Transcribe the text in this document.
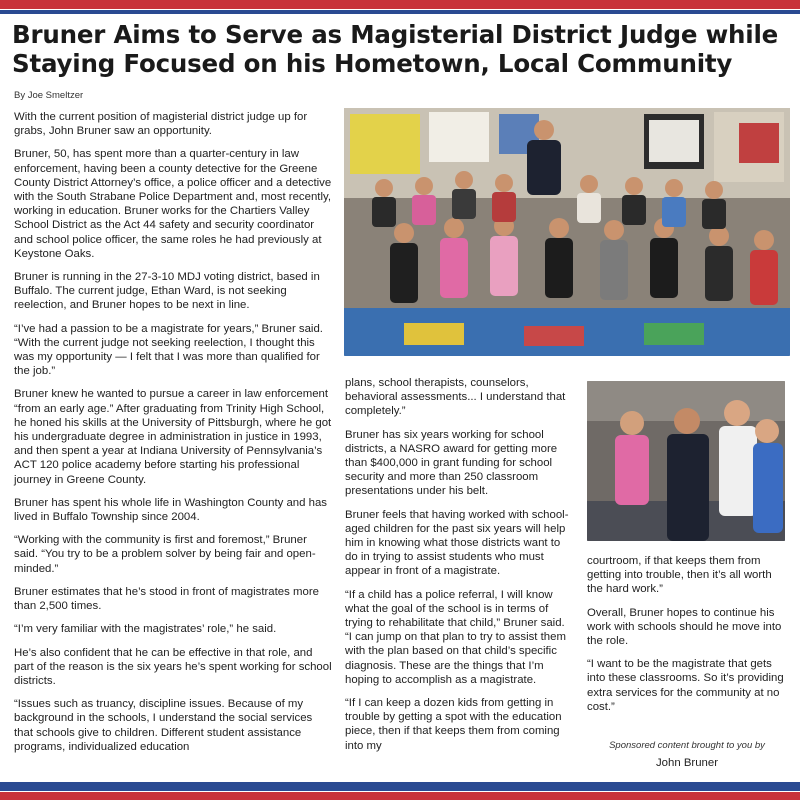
Bruner Aims to Serve as Magisterial District Judge while
Staying Focused on his Hometown, Local Community
By Joe Smeltzer

With the current position of magisterial district judge up for grabs, John Bruner saw an opportunity.

Bruner, 50, has spent more than a quarter-century in law enforcement, having been a county detective for the Greene County District Attorney’s office, a police officer and a detective with the South Strabane Police Department and, most recently, working in education. Bruner works for the Chartiers Valley School District as the Act 44 safety and security coordinator and school police officer, the same roles he had previously at Keystone Oaks.

Bruner is running in the 27-3-10 MDJ voting district, based in Buffalo. The current judge, Ethan Ward, is not seeking reelection, and Bruner hopes to be next in line.

“I’ve had a passion to be a magistrate for years,” Bruner said. “With the current judge not seeking reelection, I thought this was my opportunity — I felt that I was more than qualified for the job.”

Bruner knew he wanted to pursue a career in law enforcement “from an early age.” After graduating from Trinity High School, he honed his skills at the University of Pittsburgh, where he got his undergraduate degree in administration in justice in 1993, and then spent a year at Indiana University of Pennsylvania’s ACT 120 police academy before starting his professional journey in Greene County.

Bruner has spent his whole life in Washington County and has lived in Buffalo Township since 2004.

“Working with the community is first and foremost,” Bruner said. “You try to be a problem solver by being fair and open-minded.”

Bruner estimates that he’s stood in front of magistrates more than 2,500 times.

“I’m very familiar with the magistrates’ role,” he said.

He’s also confident that he can be effective in that role, and part of the reason is the six years he’s spent working for school districts.

“Issues such as truancy, discipline issues. Because of my background in the schools, I understand the social services that schools give to children. Different student assistance programs, individualized education

plans, school therapists, counselors, behavioral assessments... I understand that completely.”

Bruner has six years working for school districts, a NASRO award for getting more than $400,000 in grant funding for school security and more than 250 classroom presentations under his belt.

Bruner feels that having worked with school-aged children for the past six years will help him in knowing what those districts want to do in trying to assist students who must appear in front of a magistrate.

“If a child has a police referral, I will know what the goal of the school is in terms of trying to rehabilitate that child,” Bruner said. “I can jump on that plan to try to assist them with the plan based on that child’s specific diagnosis. These are the things that I’m hoping to accomplish as a magistrate.

“If I can keep a dozen kids from getting in trouble by getting a spot with the education piece, then if that keeps them from coming into my

courtroom, if that keeps them from getting into trouble, then it’s all worth the hard work.”

Overall, Bruner hopes to continue his work with schools should he move into the role.

“I want to be the magistrate that gets into these classrooms. So it’s providing extra services for the community at no cost.”

Sponsored content brought to you by
John Bruner
